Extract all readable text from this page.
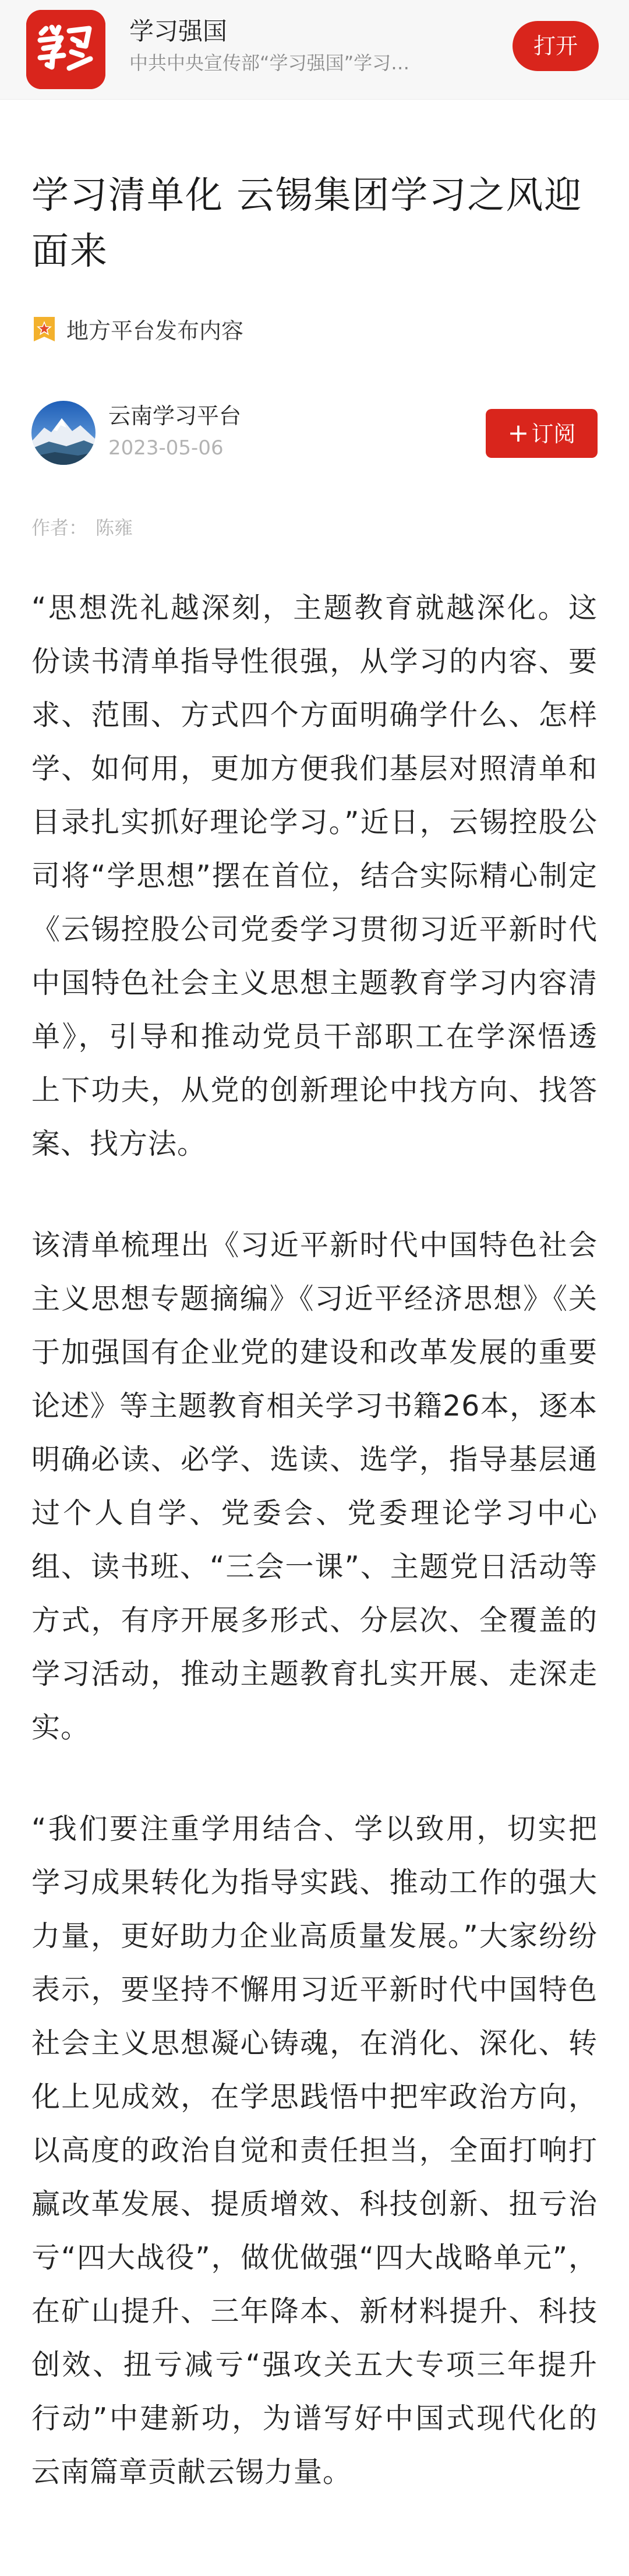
学习强国
中共中央宣传部“学习强国”学习…
打开
学习清单化 云锡集团学习之风迎面来
地方平台发布内容
云南学习平台
2023-05-06	+ 订阅
作者： 陈雍

“思想洗礼越深刻，主题教育就越深化。这份读书清单指导性很强，从学习的内容、要求、范围、方式四个方面明确学什么、怎样学、如何用，更加方便我们基层对照清单和目录扎实抓好理论学习。”近日，云锡控股公司将“学思想”摆在首位，结合实际精心制定《云锡控股公司党委学习贯彻习近平新时代中国特色社会主义思想主题教育学习内容清单》，引导和推动党员干部职工在学深悟透上下功夫，从党的创新理论中找方向、找答案、找方法。

该清单梳理出《习近平新时代中国特色社会主义思想专题摘编》《习近平经济思想》《关于加强国有企业党的建设和改革发展的重要论述》等主题教育相关学习书籍26本，逐本明确必读、必学、选读、选学，指导基层通过个人自学、党委会、党委理论学习中心组、读书班、“三会一课”、主题党日活动等方式，有序开展多形式、分层次、全覆盖的学习活动，推动主题教育扎实开展、走深走实。

“我们要注重学用结合、学以致用，切实把学习成果转化为指导实践、推动工作的强大力量，更好助力企业高质量发展。”大家纷纷表示，要坚持不懈用习近平新时代中国特色社会主义思想凝心铸魂，在消化、深化、转化上见成效，在学思践悟中把牢政治方向，以高度的政治自觉和责任担当，全面打响打赢改革发展、提质增效、科技创新、扭亏治亏“四大战役”，做优做强“四大战略单元”，在矿山提升、三年降本、新材料提升、科技创效、扭亏减亏“强攻关五大专项三年提升行动”中建新功，为谱写好中国式现代化的云南篇章贡献云锡力量。
